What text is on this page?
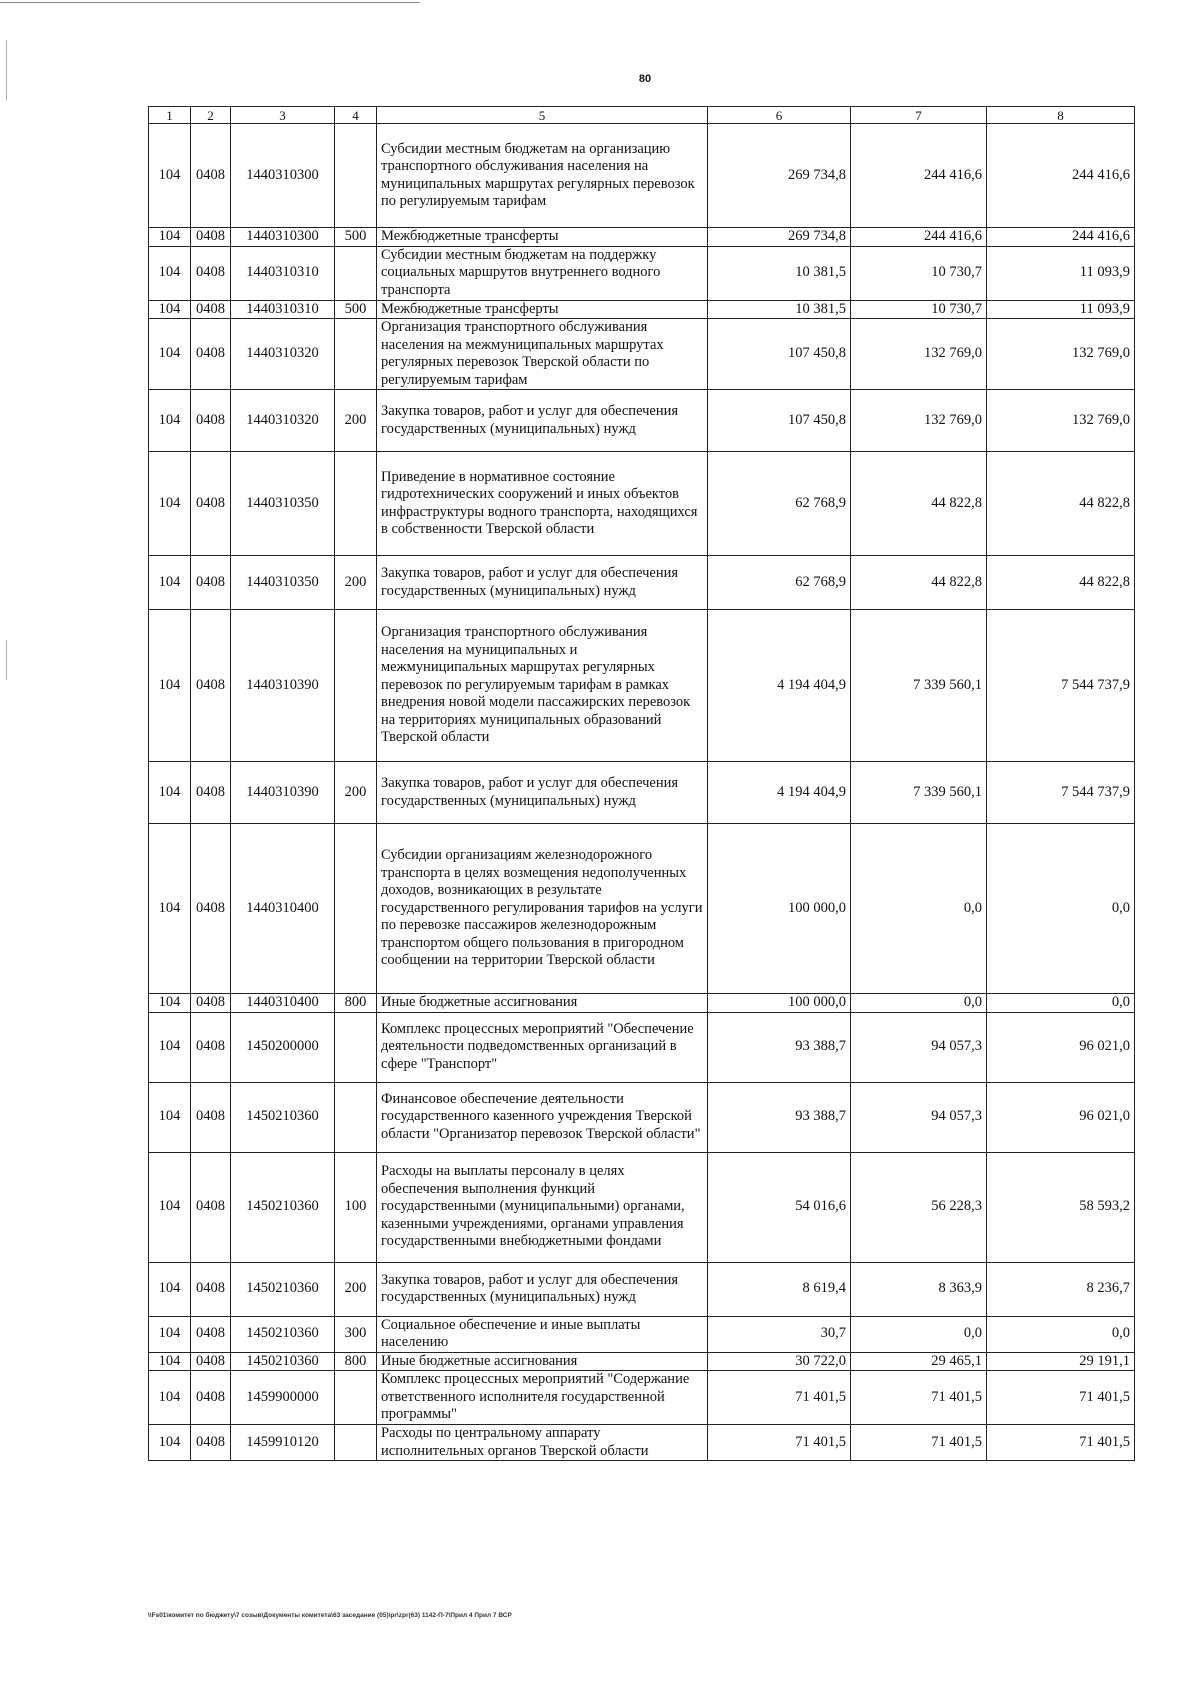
80
1	2	3	4	5	6	7	8
104	0408	1440310300		Субсидии местным бюджетам на организацию транспортного обслуживания населения на муниципальных маршрутах регулярных перевозок по регулируемым тарифам	269 734,8	244 416,6	244 416,6
104	0408	1440310300	500	Межбюджетные трансферты	269 734,8	244 416,6	244 416,6
104	0408	1440310310		Субсидии местным бюджетам на поддержку социальных маршрутов внутреннего водного транспорта	10 381,5	10 730,7	11 093,9
104	0408	1440310310	500	Межбюджетные трансферты	10 381,5	10 730,7	11 093,9
104	0408	1440310320		Организация транспортного обслуживания населения на межмуниципальных маршрутах регулярных перевозок Тверской области по регулируемым тарифам	107 450,8	132 769,0	132 769,0
104	0408	1440310320	200	Закупка товаров, работ и услуг для обеспечения государственных (муниципальных) нужд	107 450,8	132 769,0	132 769,0
104	0408	1440310350		Приведение в нормативное состояние гидротехнических сооружений и иных объектов инфраструктуры водного транспорта, находящихся в собственности Тверской области	62 768,9	44 822,8	44 822,8
104	0408	1440310350	200	Закупка товаров, работ и услуг для обеспечения государственных (муниципальных) нужд	62 768,9	44 822,8	44 822,8
104	0408	1440310390		Организация транспортного обслуживания населения на муниципальных и межмуниципальных маршрутах регулярных перевозок по регулируемым тарифам в рамках внедрения новой модели пассажирских перевозок на территориях муниципальных образований Тверской области	4 194 404,9	7 339 560,1	7 544 737,9
104	0408	1440310390	200	Закупка товаров, работ и услуг для обеспечения государственных (муниципальных) нужд	4 194 404,9	7 339 560,1	7 544 737,9
104	0408	1440310400		Субсидии организациям железнодорожного транспорта в целях возмещения недополученных доходов, возникающих в результате государственного регулирования тарифов на услуги по перевозке пассажиров железнодорожным транспортом общего пользования в пригородном сообщении на территории Тверской области	100 000,0	0,0	0,0
104	0408	1440310400	800	Иные бюджетные ассигнования	100 000,0	0,0	0,0
104	0408	1450200000		Комплекс процессных мероприятий "Обеспечение деятельности подведомственных организаций в сфере "Транспорт"	93 388,7	94 057,3	96 021,0
104	0408	1450210360		Финансовое обеспечение деятельности государственного казенного учреждения Тверской области "Организатор перевозок Тверской области"	93 388,7	94 057,3	96 021,0
104	0408	1450210360	100	Расходы на выплаты персоналу в целях обеспечения выполнения функций государственными (муниципальными) органами, казенными учреждениями, органами управления государственными внебюджетными фондами	54 016,6	56 228,3	58 593,2
104	0408	1450210360	200	Закупка товаров, работ и услуг для обеспечения государственных (муниципальных) нужд	8 619,4	8 363,9	8 236,7
104	0408	1450210360	300	Социальное обеспечение и иные выплаты населению	30,7	0,0	0,0
104	0408	1450210360	800	Иные бюджетные ассигнования	30 722,0	29 465,1	29 191,1
104	0408	1459900000		Комплекс процессных мероприятий "Содержание ответственного исполнителя государственной программы"	71 401,5	71 401,5	71 401,5
104	0408	1459910120		Расходы по центральному аппарату исполнительных органов Тверской области	71 401,5	71 401,5	71 401,5
\\Fs01\комитет по бюджету\7 созыв\Документы комитета\63 заседание (05)\pr\zpr(63) 1142-П-7\Прил 4 Прил 7 ВСР
